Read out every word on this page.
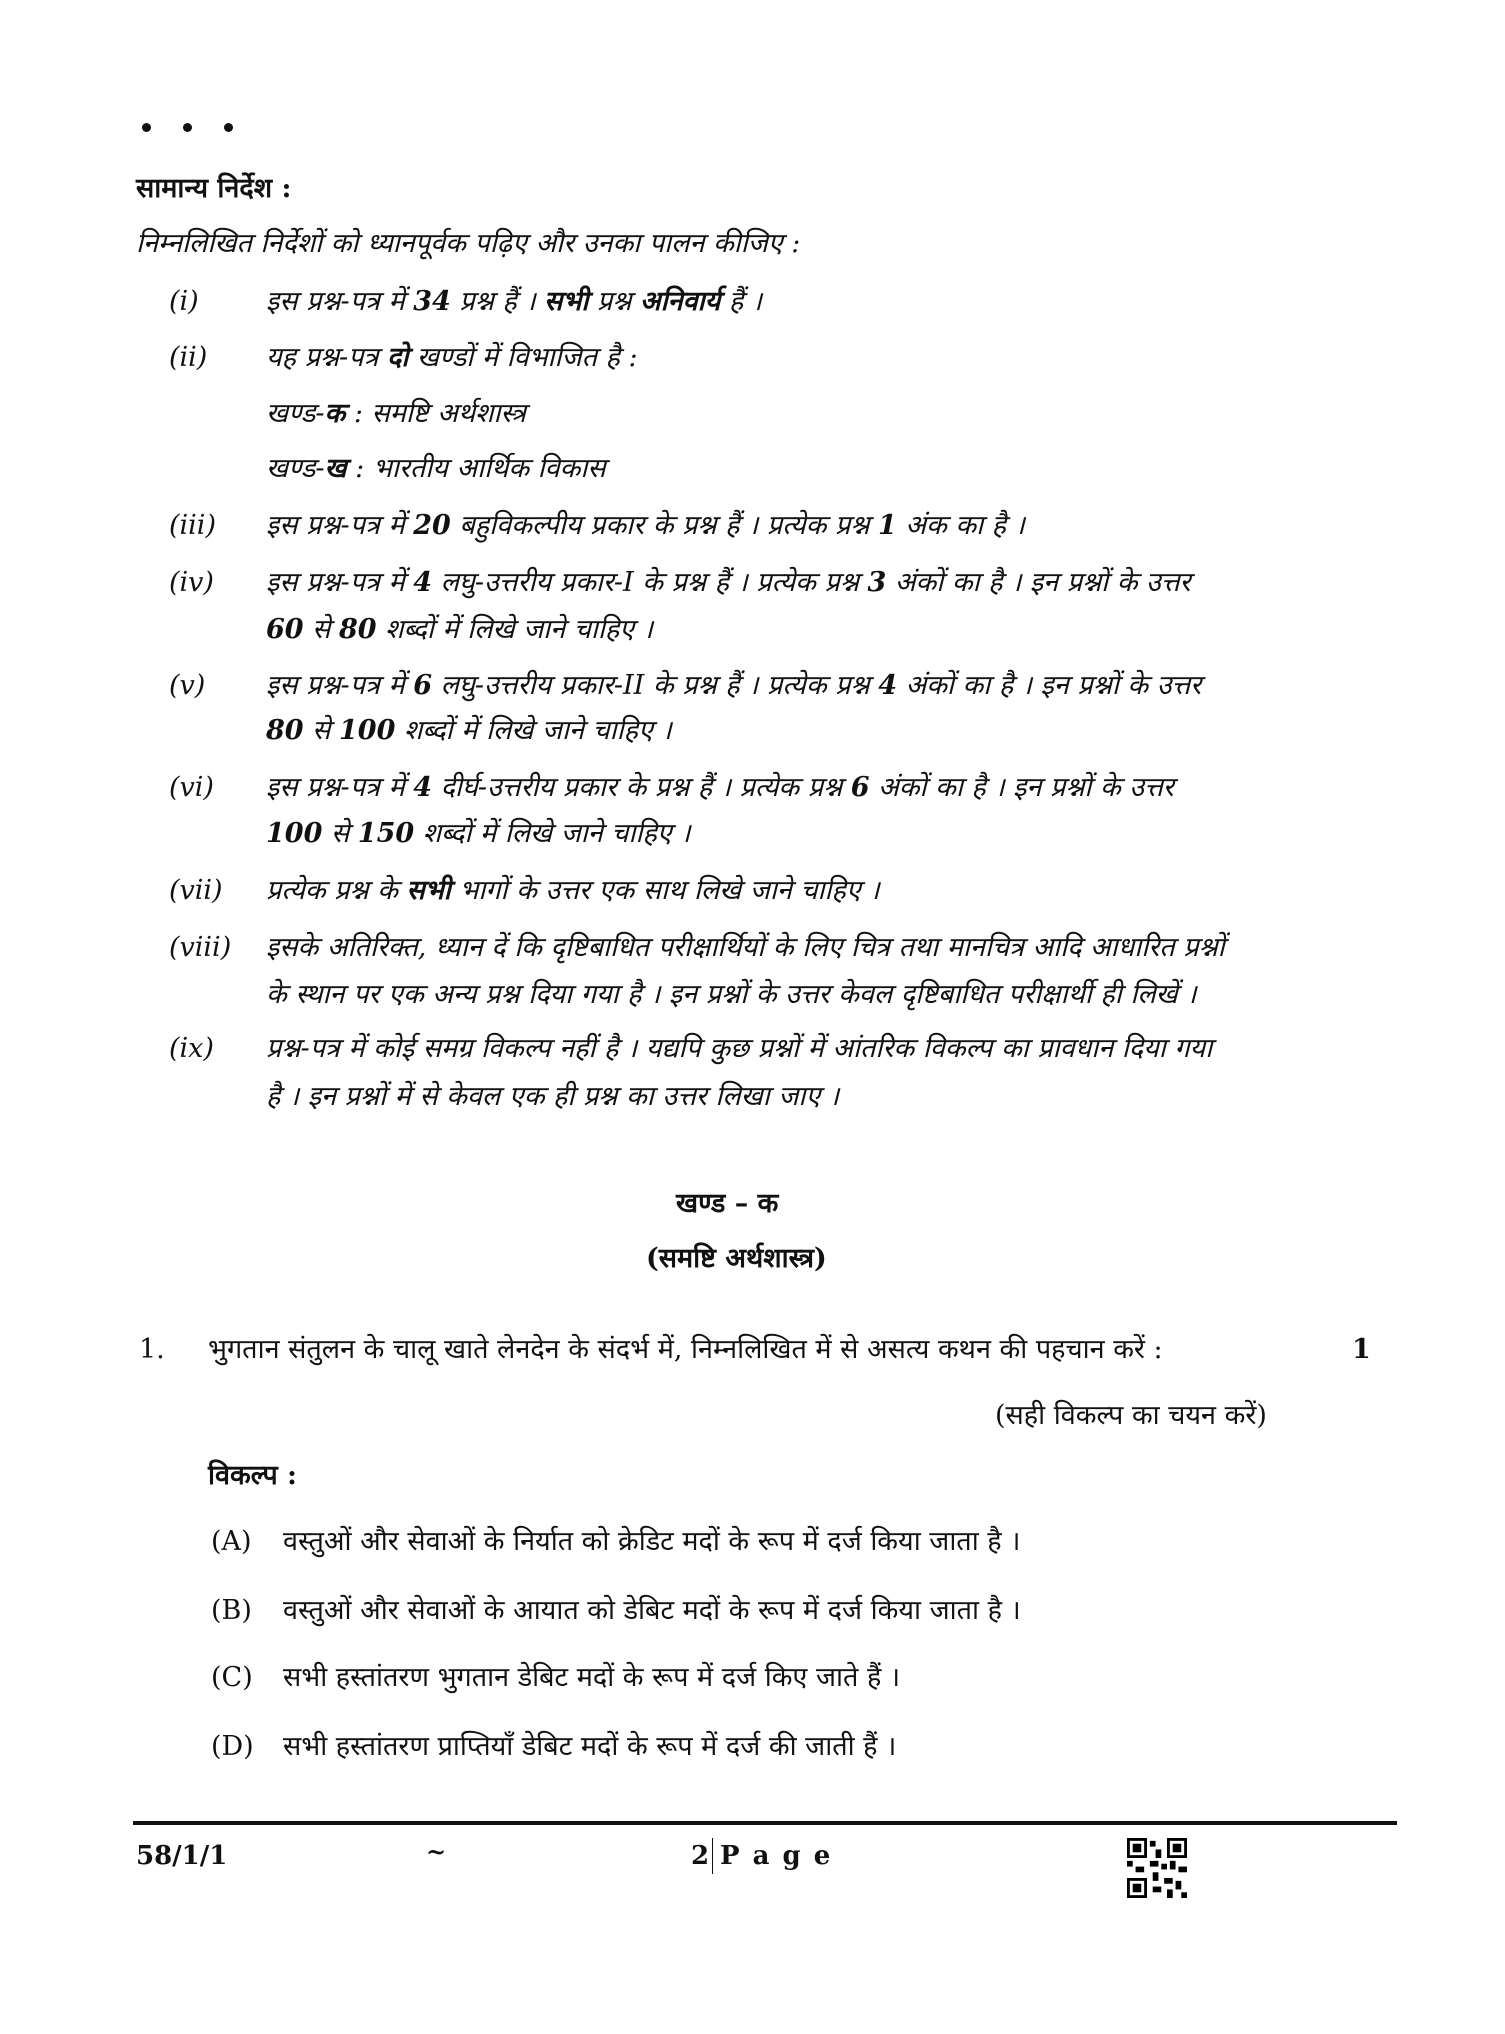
सामान्य निर्देश :
निम्नलिखित निर्देशों को ध्यानपूर्वक पढ़िए और उनका पालन कीजिए :
(i) इस प्रश्न-पत्र में 34 प्रश्न हैं । सभी प्रश्न अनिवार्य हैं ।
(ii) यह प्रश्न-पत्र दो खण्डों में विभाजित है :
खण्ड-क : समष्टि अर्थशास्त्र
खण्ड-ख : भारतीय आर्थिक विकास
(iii) इस प्रश्न-पत्र में 20 बहुविकल्पीय प्रकार के प्रश्न हैं । प्रत्येक प्रश्न 1 अंक का है ।
(iv) इस प्रश्न-पत्र में 4 लघु-उत्तरीय प्रकार-I के प्रश्न हैं । प्रत्येक प्रश्न 3 अंकों का है । इन प्रश्नों के उत्तर
60 से 80 शब्दों में लिखे जाने चाहिए ।
(v) इस प्रश्न-पत्र में 6 लघु-उत्तरीय प्रकार-II के प्रश्न हैं । प्रत्येक प्रश्न 4 अंकों का है । इन प्रश्नों के उत्तर
80 से 100 शब्दों में लिखे जाने चाहिए ।
(vi) इस प्रश्न-पत्र में 4 दीर्घ-उत्तरीय प्रकार के प्रश्न हैं । प्रत्येक प्रश्न 6 अंकों का है । इन प्रश्नों के उत्तर
100 से 150 शब्दों में लिखे जाने चाहिए ।
(vii) प्रत्येक प्रश्न के सभी भागों के उत्तर एक साथ लिखे जाने चाहिए ।
(viii) इसके अतिरिक्त, ध्यान दें कि दृष्टिबाधित परीक्षार्थियों के लिए चित्र तथा मानचित्र आदि आधारित प्रश्नों
के स्थान पर एक अन्य प्रश्न दिया गया है । इन प्रश्नों के उत्तर केवल दृष्टिबाधित परीक्षार्थी ही लिखें ।
(ix) प्रश्न-पत्र में कोई समग्र विकल्प नहीं है । यद्यपि कुछ प्रश्नों में आंतरिक विकल्प का प्रावधान दिया गया
है । इन प्रश्नों में से केवल एक ही प्रश्न का उत्तर लिखा जाए ।
खण्ड – क
(समष्टि अर्थशास्त्र)
1. भुगतान संतुलन के चालू खाते लेनदेन के संदर्भ में, निम्नलिखित में से असत्य कथन की पहचान करें :	1
(सही विकल्प का चयन करें)
विकल्प :
(A) वस्तुओं और सेवाओं के निर्यात को क्रेडिट मदों के रूप में दर्ज किया जाता है ।
(B) वस्तुओं और सेवाओं के आयात को डेबिट मदों के रूप में दर्ज किया जाता है ।
(C) सभी हस्तांतरण भुगतान डेबिट मदों के रूप में दर्ज किए जाते हैं ।
(D) सभी हस्तांतरण प्राप्तियाँ डेबिट मदों के रूप में दर्ज की जाती हैं ।
58/1/1	~	2 P a g e
